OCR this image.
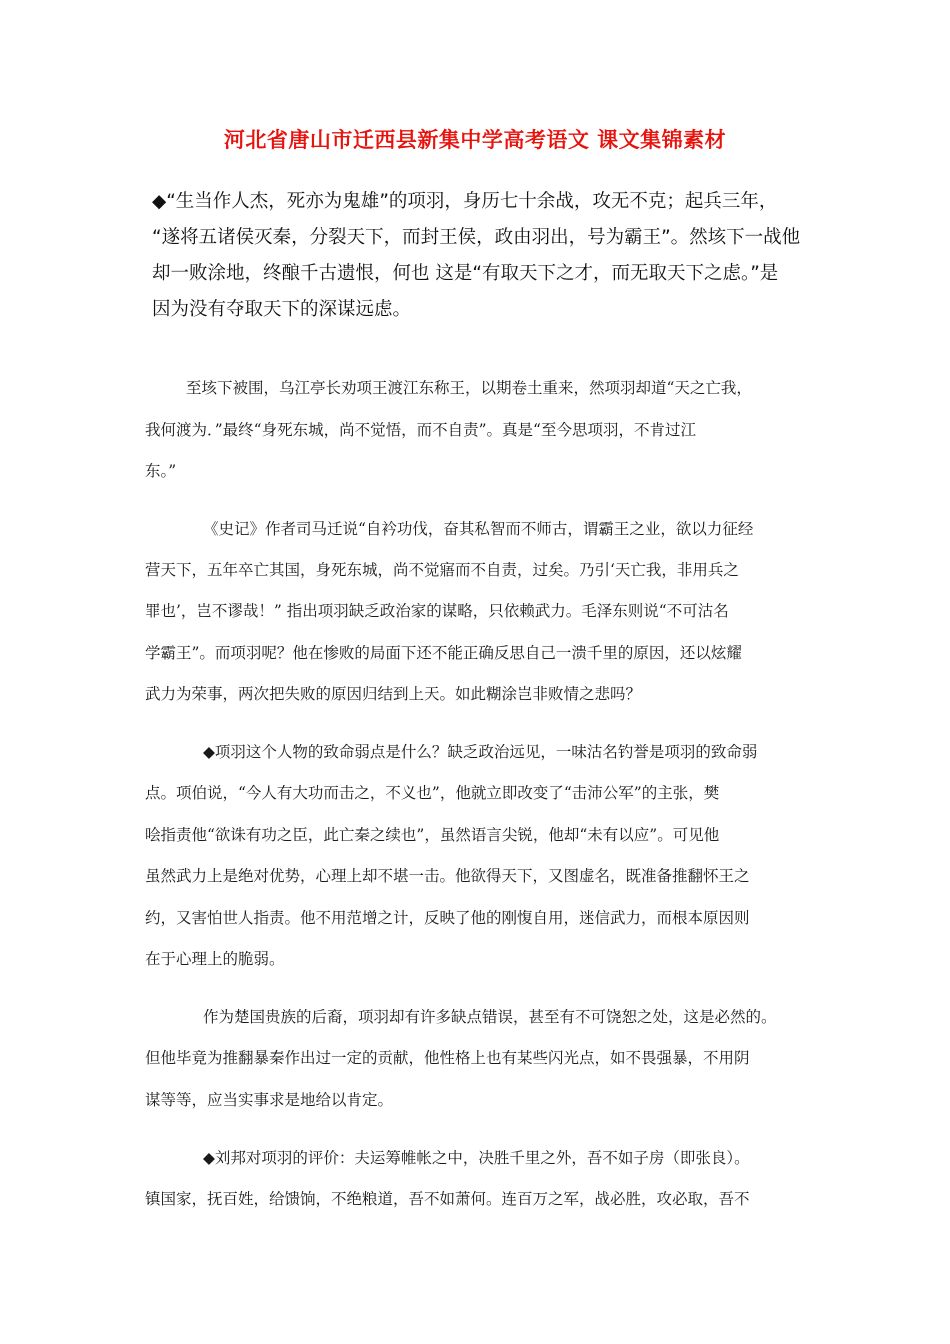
河北省唐山市迁西县新集中学高考语文 课文集锦素材

◆“生当作人杰，死亦为鬼雄”的项羽，身历七十余战，攻无不克；起兵三年，

“遂将五诸侯灭秦，分裂天下，而封王侯，政由羽出，号为霸王”。然垓下一战他

却一败涂地，终酿千古遗恨，何也 这是“有取天下之才，而无取天下之虑。”是

因为没有夺取天下的深谋远虑。

至垓下被围，乌江亭长劝项王渡江东称王，以期卷土重来，然项羽却道“天之亡我，
我何渡为．”最终“身死东城，尚不觉悟，而不自责”。真是“至今思项羽，不肯过江
东。”
《史记》作者司马迁说“自衿功伐，奋其私智而不师古，谓霸王之业，欲以力征经
营天下，五年卒亡其国，身死东城，尚不觉寤而不自责，过矣。乃引‘天亡我，非用兵之
罪也’，岂不谬哉！” 指出项羽缺乏政治家的谋略，只依赖武力。毛泽东则说“不可沽名
学霸王”。而项羽呢？他在惨败的局面下还不能正确反思自己一溃千里的原因，还以炫耀
武力为荣事，两次把失败的原因归结到上天。如此糊涂岂非败情之悲吗？
◆项羽这个人物的致命弱点是什么？缺乏政治远见，一味沽名钓誉是项羽的致命弱
点。项伯说，“今人有大功而击之，不义也”，他就立即改变了“击沛公军”的主张，樊
哙指责他“欲诛有功之臣，此亡秦之续也”，虽然语言尖锐，他却“未有以应”。可见他
虽然武力上是绝对优势，心理上却不堪一击。他欲得天下，又图虚名，既准备推翻怀王之
约，又害怕世人指责。他不用范增之计，反映了他的刚愎自用，迷信武力，而根本原因则
在于心理上的脆弱。
作为楚国贵族的后裔，项羽却有许多缺点错误，甚至有不可饶恕之处，这是必然的。
但他毕竟为推翻暴秦作出过一定的贡献，他性格上也有某些闪光点，如不畏强暴，不用阴
谋等等，应当实事求是地给以肯定。
◆刘邦对项羽的评价：夫运筹帷帐之中，决胜千里之外，吾不如子房（即张良）。
镇国家，抚百姓，给馈饷，不绝粮道，吾不如萧何。连百万之军，战必胜，攻必取，吾不
